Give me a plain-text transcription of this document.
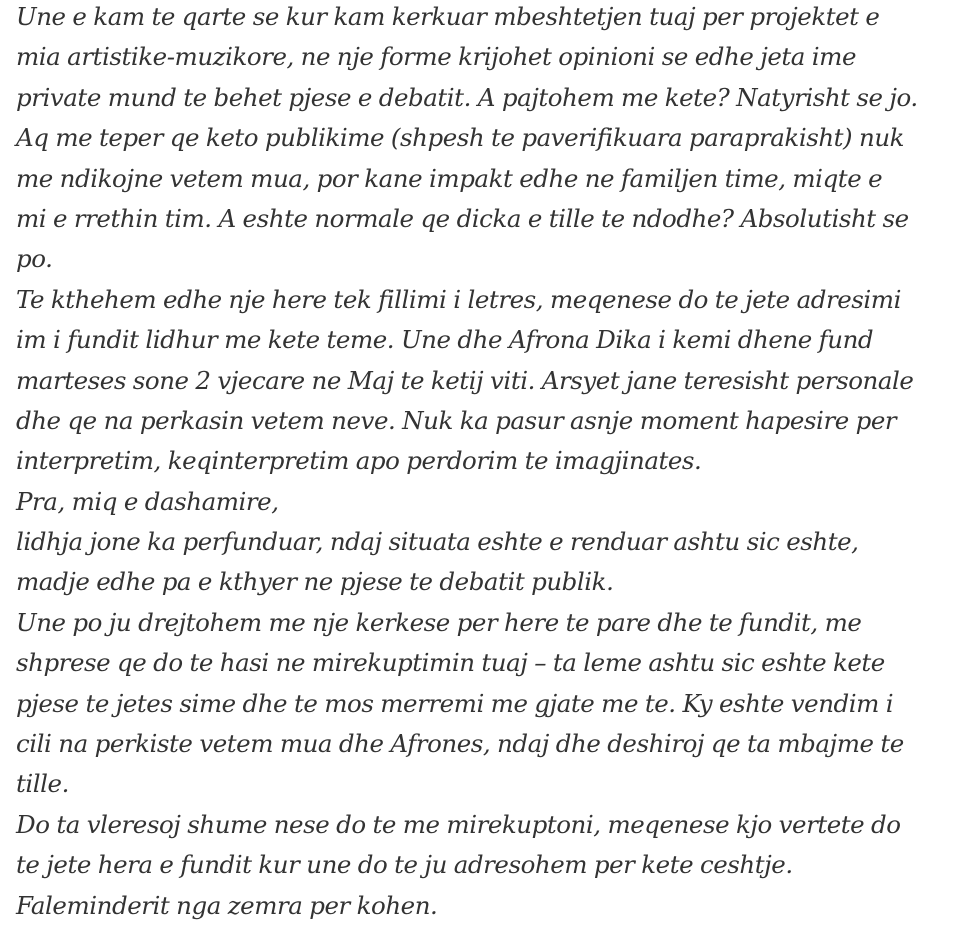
Une e kam te qarte se kur kam kerkuar mbeshtetjen tuaj per projektet e
mia artistike-muzikore, ne nje forme krijohet opinioni se edhe jeta ime
private mund te behet pjese e debatit. A pajtohem me kete? Natyrisht se jo.
Aq me teper qe keto publikime (shpesh te paverifikuara paraprakisht) nuk
me ndikojne vetem mua, por kane impakt edhe ne familjen time, miqte e
mi e rrethin tim. A eshte normale qe dicka e tille te ndodhe? Absolutisht se
po.
Te kthehem edhe nje here tek fillimi i letres, meqenese do te jete adresimi
im i fundit lidhur me kete teme. Une dhe Afrona Dika i kemi dhene fund
marteses sone 2 vjecare ne Maj te ketij viti. Arsyet jane teresisht personale
dhe qe na perkasin vetem neve. Nuk ka pasur asnje moment hapesire per
interpretim, keqinterpretim apo perdorim te imagjinates.
Pra, miq e dashamire,
lidhja jone ka perfunduar, ndaj situata eshte e renduar ashtu sic eshte,
madje edhe pa e kthyer ne pjese te debatit publik.
Une po ju drejtohem me nje kerkese per here te pare dhe te fundit, me
shprese qe do te hasi ne mirekuptimin tuaj – ta leme ashtu sic eshte kete
pjese te jetes sime dhe te mos merremi me gjate me te. Ky eshte vendim i
cili na perkiste vetem mua dhe Afrones, ndaj dhe deshiroj qe ta mbajme te
tille.
Do ta vleresoj shume nese do te me mirekuptoni, meqenese kjo vertete do
te jete hera e fundit kur une do te ju adresohem per kete ceshtje.
Faleminderit nga zemra per kohen.
